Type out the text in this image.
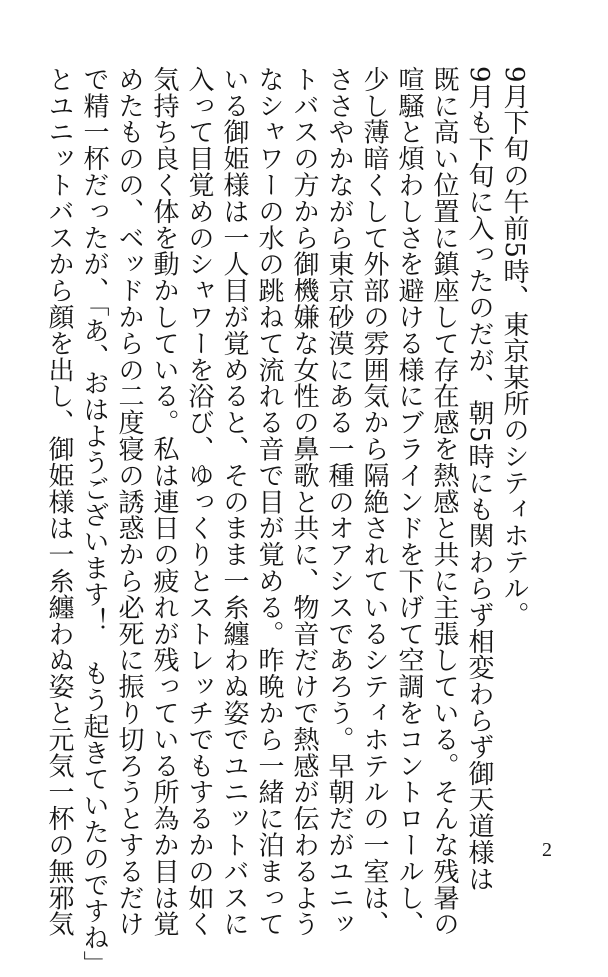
9月下旬の午前5時、東京某所のシティホテル。
9月も下旬に入ったのだが、朝5時にも関わらず相変わらず御天道様は
既に高い位置に鎮座して存在感を熱感と共に主張している。そんな残暑の
喧騒と煩わしさを避ける様にブラインドを下げて空調をコントロールし、
少し薄暗くして外部の雰囲気から隔絶されているシティホテルの一室は、
ささやかながら東京砂漠にある一種のオアシスであろう。早朝だがユニッ
トバスの方から御機嫌な女性の鼻歌と共に、物音だけで熱感が伝わるよう
なシャワーの水の跳ねて流れる音で目が覚める。昨晩から一緒に泊まって
いる御姫様は一人目が覚めると、そのまま一糸纏わぬ姿でユニットバスに
入って目覚めのシャワーを浴び、ゆっくりとストレッチでもするかの如く
気持ち良く体を動かしている。私は連日の疲れが残っている所為か目は覚
めたものの、ベッドからの二度寝の誘惑から必死に振り切ろうとするだけ
で精一杯だったが、「あ、おはようございます！　もう起きていたのですね」
とユニットバスから顔を出し、御姫様は一糸纏わぬ姿と元気一杯の無邪気	2
